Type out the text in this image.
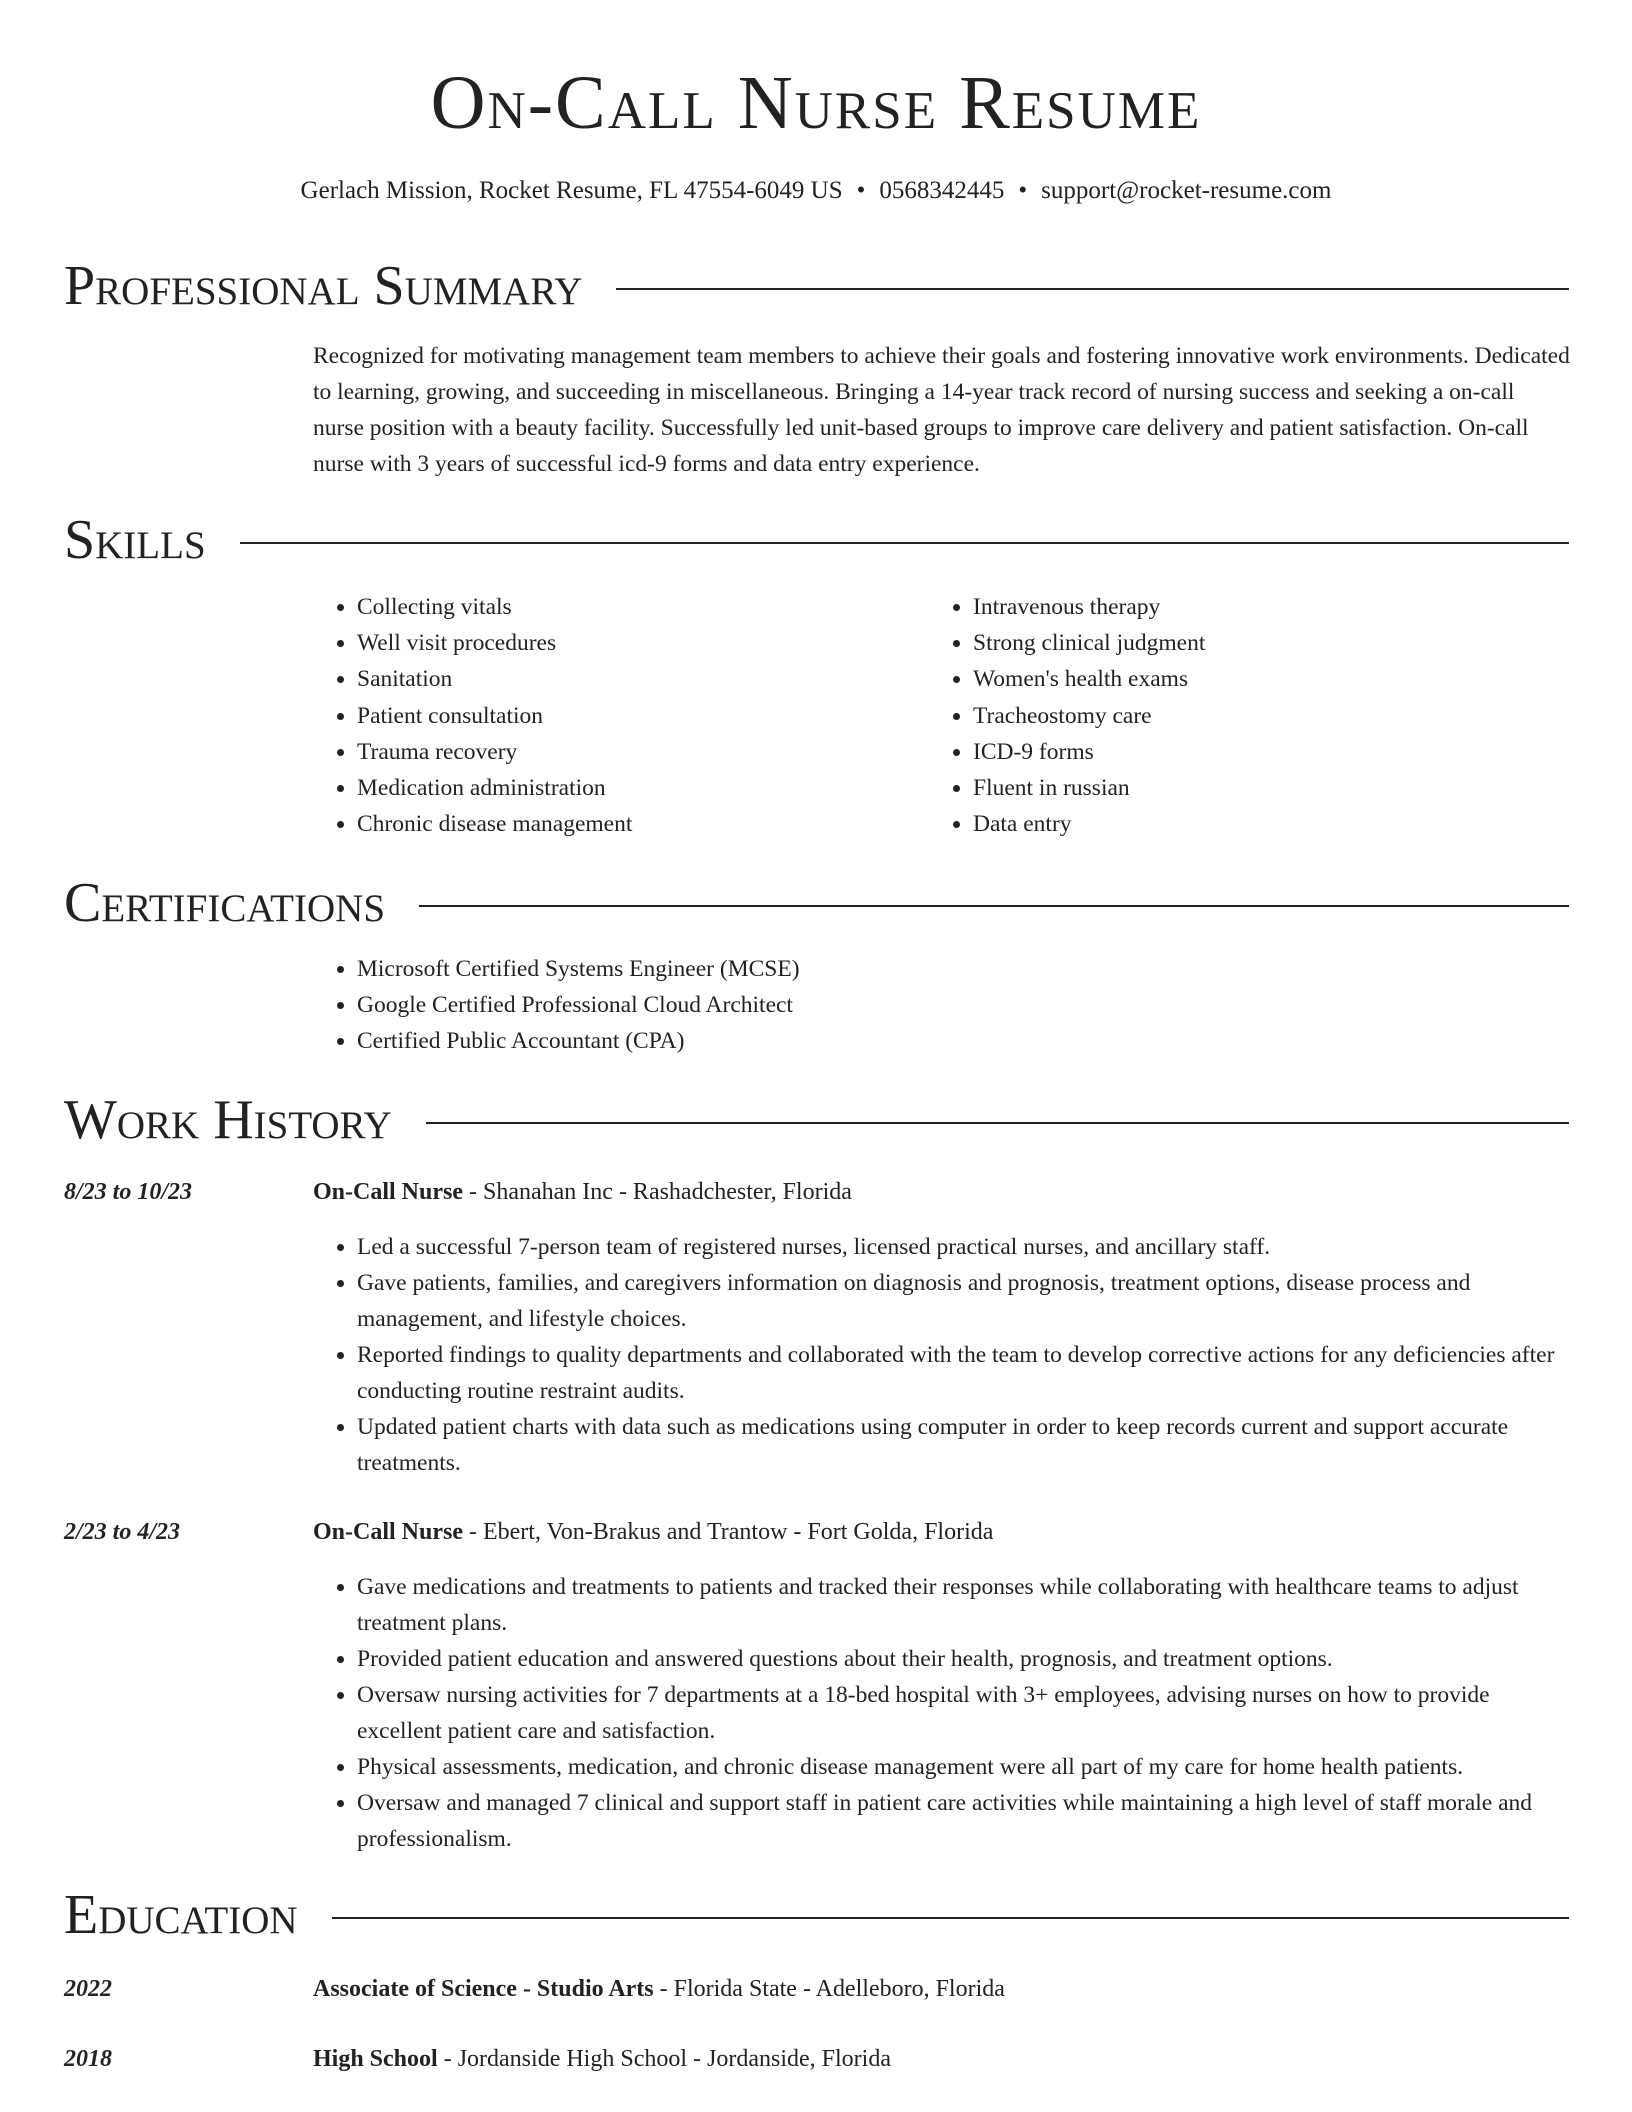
On-Call Nurse Resume
Gerlach Mission, Rocket Resume, FL 47554-6049 US • 0568342445 • support@rocket-resume.com
Professional Summary

Recognized for motivating management team members to achieve their goals and fostering innovative work environments. Dedicated to learning, growing, and succeeding in miscellaneous. Bringing a 14-year track record of nursing success and seeking a on-call nurse position with a beauty facility. Successfully led unit-based groups to improve care delivery and patient satisfaction. On-call nurse with 3 years of successful icd-9 forms and data entry experience.

Skills
• Collecting vitals
• Well visit procedures
• Sanitation
• Patient consultation
• Trauma recovery
• Medication administration
• Chronic disease management
• Intravenous therapy
• Strong clinical judgment
• Women's health exams
• Tracheostomy care
• ICD-9 forms
• Fluent in russian
• Data entry
Certifications
• Microsoft Certified Systems Engineer (MCSE)
• Google Certified Professional Cloud Architect
• Certified Public Accountant (CPA)
Work History
8/23 to 10/23	On-Call Nurse - Shanahan Inc - Rashadchester, Florida
• Led a successful 7-person team of registered nurses, licensed practical nurses, and ancillary staff.
• Gave patients, families, and caregivers information on diagnosis and prognosis, treatment options, disease process and management, and lifestyle choices.
• Reported findings to quality departments and collaborated with the team to develop corrective actions for any deficiencies after conducting routine restraint audits.
• Updated patient charts with data such as medications using computer in order to keep records current and support accurate treatments.
2/23 to 4/23	On-Call Nurse - Ebert, Von-Brakus and Trantow - Fort Golda, Florida
• Gave medications and treatments to patients and tracked their responses while collaborating with healthcare teams to adjust treatment plans.
• Provided patient education and answered questions about their health, prognosis, and treatment options.
• Oversaw nursing activities for 7 departments at a 18-bed hospital with 3+ employees, advising nurses on how to provide excellent patient care and satisfaction.
• Physical assessments, medication, and chronic disease management were all part of my care for home health patients.
• Oversaw and managed 7 clinical and support staff in patient care activities while maintaining a high level of staff morale and professionalism.
Education
2022	Associate of Science - Studio Arts - Florida State - Adelleboro, Florida
2018	High School - Jordanside High School - Jordanside, Florida
